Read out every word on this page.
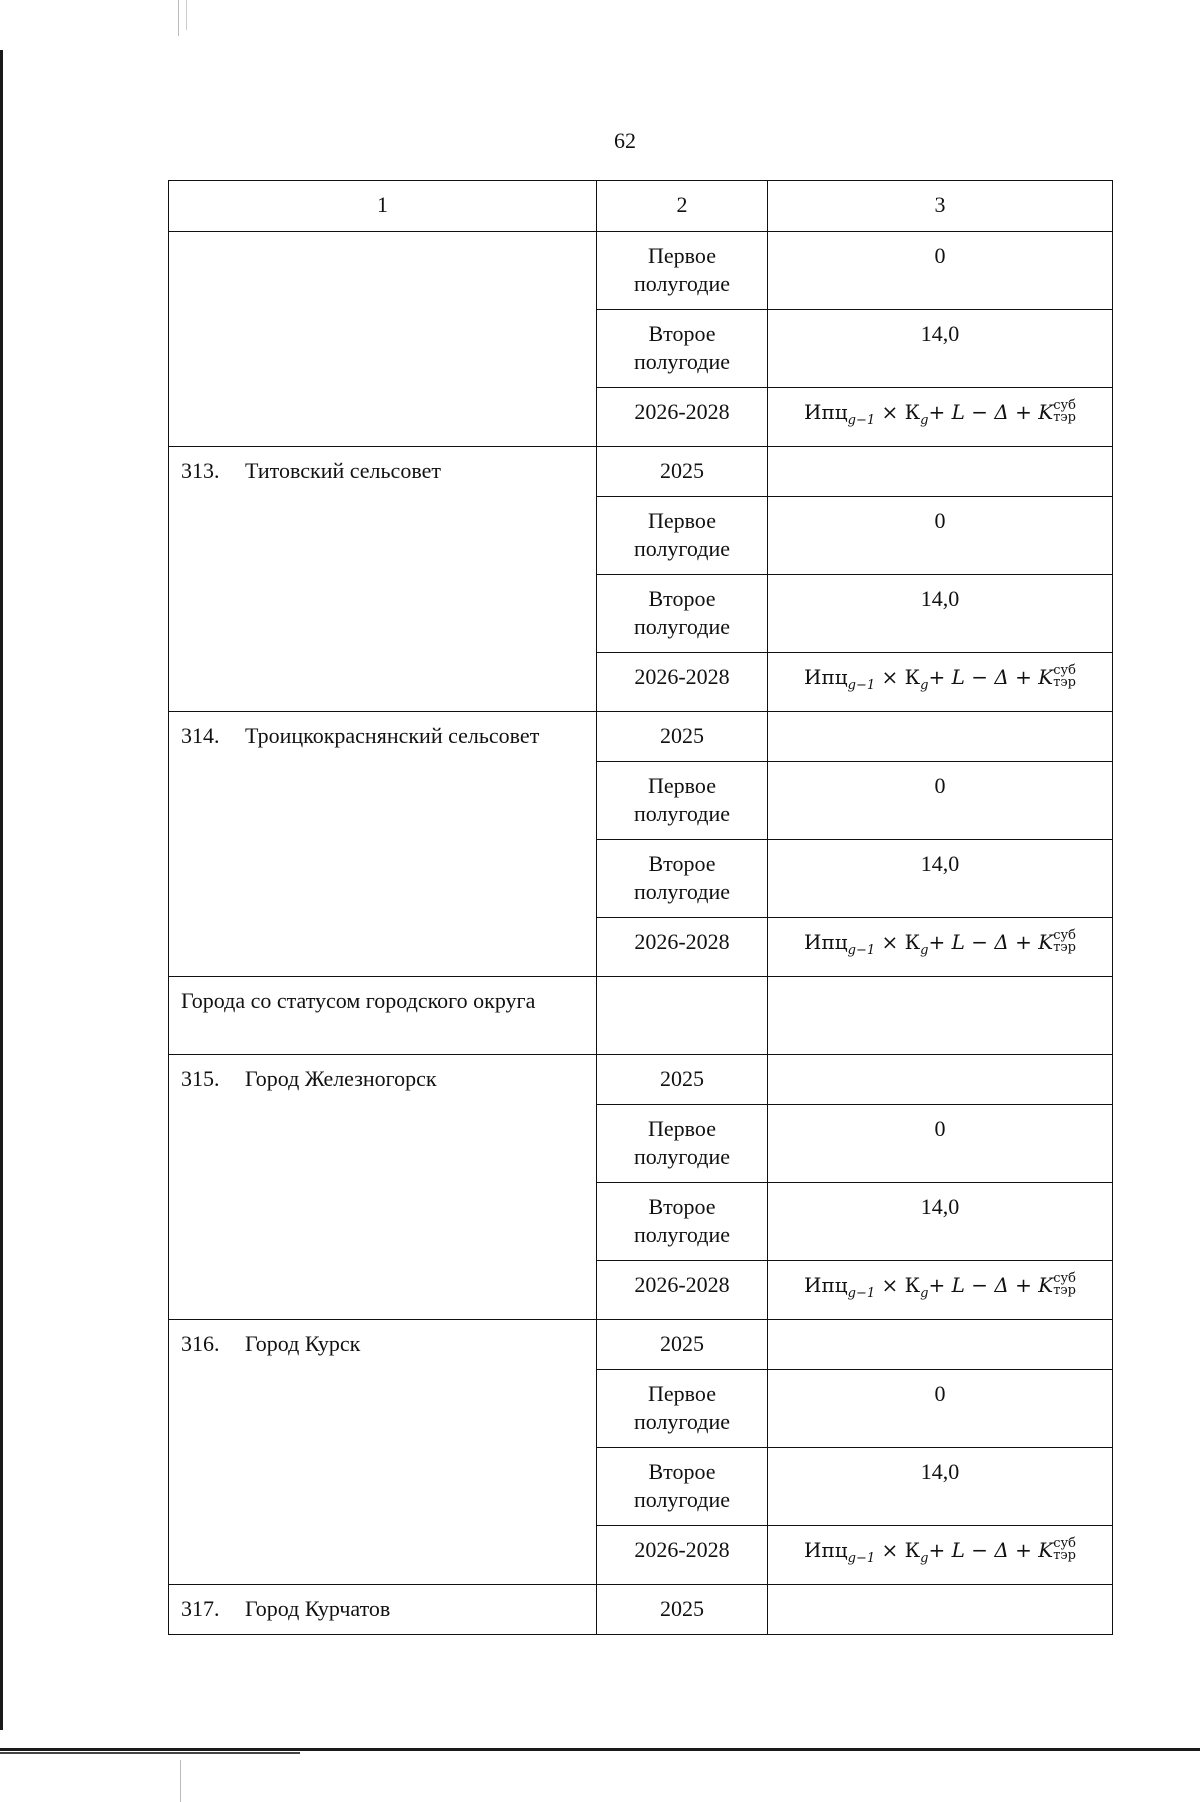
62
1	2	3
	Первое полугодие	0
	Второе полугодие	14,0
	2026-2028	$Ипц_{g-1} \times К_g+ L - \Delta + K$ суб
тэр

313. Титовский сельсовет	2025	
	Первое полугодие	0
	Второе полугодие	14,0
	2026-2028	$Ипц_{g-1} \times К_g+ L - \Delta + K$ суб
тэр

314. Троицкокраснянский сельсовет	2025	
	Первое полугодие	0
	Второе полугодие	14,0
	2026-2028	$Ипц_{g-1} \times К_g+ L - \Delta + K$ суб
тэр

Города со статусом городского округа		
315. Город Железногорск	2025	
	Первое полугодие	0
	Второе полугодие	14,0
	2026-2028	$Ипц_{g-1} \times К_g+ L - \Delta + K$ суб
тэр

316. Город Курск	2025	
	Первое полугодие	0
	Второе полугодие	14,0
	2026-2028	$Ипц_{g-1} \times К_g+ L - \Delta + K$ суб
тэр

317. Город Курчатов	2025	
